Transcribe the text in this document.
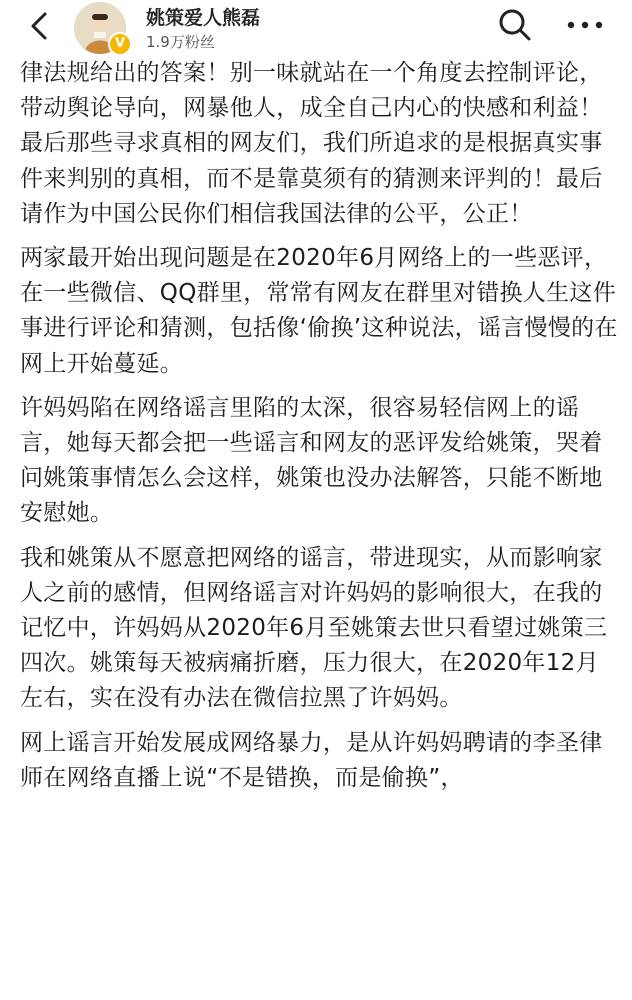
V
姚策爱人熊磊
1.9万粉丝

律法规给出的答案！别一味就站在一个角度去控制评论，带动舆论导向，网暴他人，成全自己内心的快感和利益！最后那些寻求真相的网友们，我们所追求的是根据真实事件来判别的真相，而不是靠莫须有的猜测来评判的！最后请作为中国公民你们相信我国法律的公平，公正！

两家最开始出现问题是在2020年6月网络上的一些恶评，在一些微信、QQ群里，常常有网友在群里对错换人生这件事进行评论和猜测，包括像‘偷换’这种说法，谣言慢慢的在网上开始蔓延。

许妈妈陷在网络谣言里陷的太深，很容易轻信网上的谣言，她每天都会把一些谣言和网友的恶评发给姚策，哭着问姚策事情怎么会这样，姚策也没办法解答，只能不断地安慰她。

我和姚策从不愿意把网络的谣言，带进现实，从而影响家人之前的感情，但网络谣言对许妈妈的影响很大，在我的记忆中，许妈妈从2020年6月至姚策去世只看望过姚策三四次。姚策每天被病痛折磨，压力很大，在2020年12月左右，实在没有办法在微信拉黑了许妈妈。

网上谣言开始发展成网络暴力，是从许妈妈聘请的李圣律师在网络直播上说“不是错换，而是偷换”，
